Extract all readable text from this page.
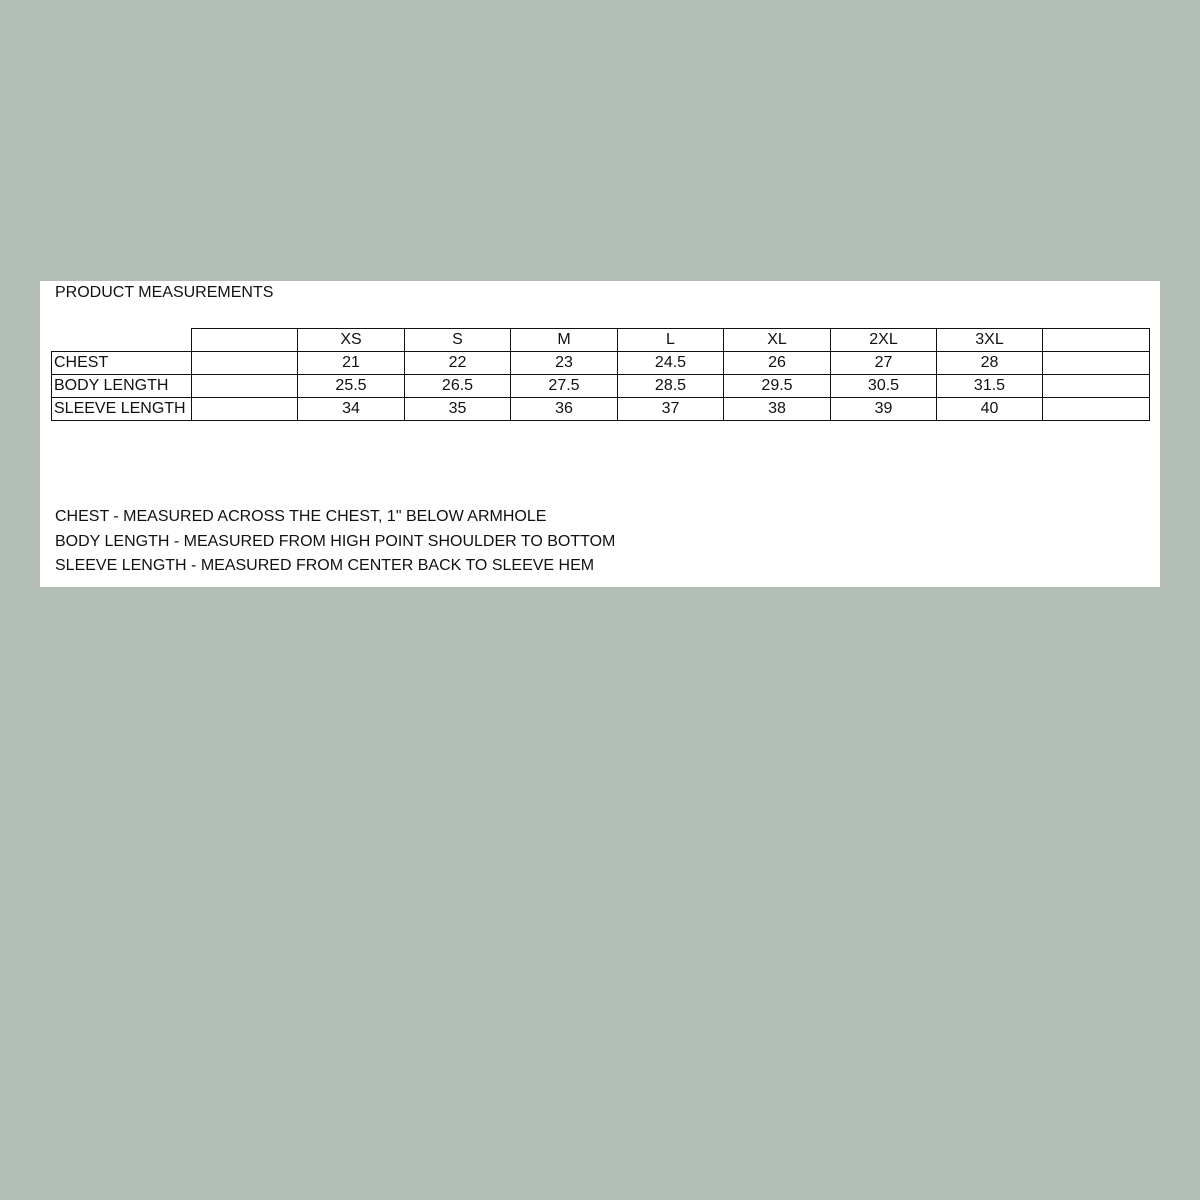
PRODUCT MEASUREMENTS
		XS	S	M	L	XL	2XL	3XL	
CHEST		21	22	23	24.5	26	27	28	
BODY LENGTH		25.5	26.5	27.5	28.5	29.5	30.5	31.5	
SLEEVE LENGTH		34	35	36	37	38	39	40	
CHEST - MEASURED ACROSS THE CHEST, 1" BELOW ARMHOLE
BODY LENGTH - MEASURED FROM HIGH POINT SHOULDER TO BOTTOM
SLEEVE LENGTH - MEASURED FROM CENTER BACK TO SLEEVE HEM
